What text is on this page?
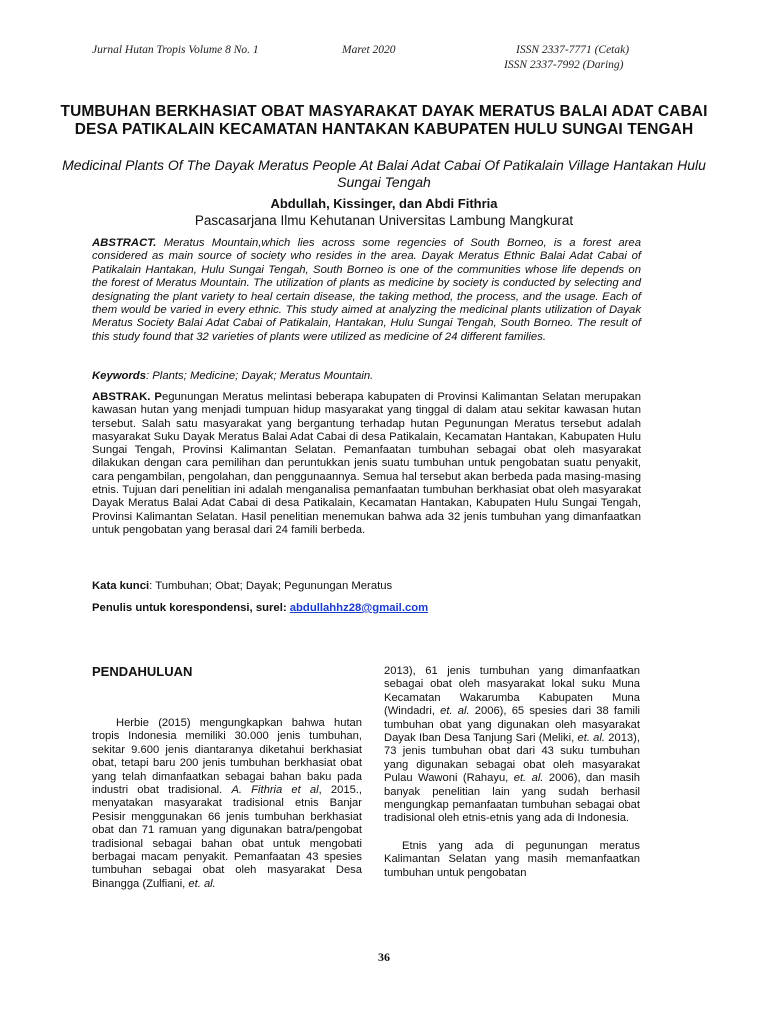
Jurnal Hutan Tropis Volume 8 No. 1	Maret 2020	ISSN 2337-7771 (Cetak)
ISSN 2337-7992 (Daring)
TUMBUHAN BERKHASIAT OBAT MASYARAKAT DAYAK MERATUS BALAI ADAT CABAI DESA PATIKALAIN KECAMATAN HANTAKAN KABUPATEN HULU SUNGAI TENGAH
Medicinal Plants Of The Dayak Meratus People At Balai Adat Cabai Of Patikalain Village Hantakan Hulu Sungai Tengah
Abdullah, Kissinger, dan Abdi Fithria
Pascasarjana Ilmu Kehutanan Universitas Lambung Mangkurat
ABSTRACT. Meratus Mountain,which lies across some regencies of South Borneo, is a forest area considered as main source of society who resides in the area. Dayak Meratus Ethnic Balai Adat Cabai of Patikalain Hantakan, Hulu Sungai Tengah, South Borneo is one of the communities whose life depends on the forest of Meratus Mountain. The utilization of plants as medicine by society is conducted by selecting and designating the plant variety to heal certain disease, the taking method, the process, and the usage. Each of them would be varied in every ethnic. This study aimed at analyzing the medicinal plants utilization of Dayak Meratus Society Balai Adat Cabai of Patikalain, Hantakan, Hulu Sungai Tengah, South Borneo. The result of this study found that 32 varieties of plants were utilized as medicine of 24 different families.
Keywords: Plants; Medicine; Dayak; Meratus Mountain.
ABSTRAK. Pegunungan Meratus melintasi beberapa kabupaten di Provinsi Kalimantan Selatan merupakan kawasan hutan yang menjadi tumpuan hidup masyarakat yang tinggal di dalam atau sekitar kawasan hutan tersebut. Salah satu masyarakat yang bergantung terhadap hutan Pegunungan Meratus tersebut adalah masyarakat Suku Dayak Meratus Balai Adat Cabai di desa Patikalain, Kecamatan Hantakan, Kabupaten Hulu Sungai Tengah, Provinsi Kalimantan Selatan. Pemanfaatan tumbuhan sebagai obat oleh masyarakat dilakukan dengan cara pemilihan dan peruntukkan jenis suatu tumbuhan untuk pengobatan suatu penyakit, cara pengambilan, pengolahan, dan penggunaannya. Semua hal tersebut akan berbeda pada masing-masing etnis. Tujuan dari penelitian ini adalah menganalisa pemanfaatan tumbuhan berkhasiat obat oleh masyarakat Dayak Meratus Balai Adat Cabai di desa Patikalain, Kecamatan Hantakan, Kabupaten Hulu Sungai Tengah, Provinsi Kalimantan Selatan. Hasil penelitian menemukan bahwa ada 32 jenis tumbuhan yang dimanfaatkan untuk pengobatan yang berasal dari 24 famili berbeda.
Kata kunci: Tumbuhan; Obat; Dayak; Pegunungan Meratus
Penulis untuk korespondensi, surel: abdullahhz28@gmail.com
PENDAHULUAN

Herbie (2015) mengungkapkan bahwa hutan tropis Indonesia memiliki 30.000 jenis tumbuhan, sekitar 9.600 jenis diantaranya diketahui berkhasiat obat, tetapi baru 200 jenis tumbuhan berkhasiat obat yang telah dimanfaatkan sebagai bahan baku pada industri obat tradisional. A. Fithria et al, 2015., menyatakan masyarakat tradisional etnis Banjar Pesisir menggunakan 66 jenis tumbuhan berkhasiat obat dan 71 ramuan yang digunakan batra/pengobat tradisional sebagai bahan obat untuk mengobati berbagai macam penyakit. Pemanfaatan 43 spesies tumbuhan sebagai obat oleh masyarakat Desa Binangga (Zulfiani, et. al.

2013), 61 jenis tumbuhan yang dimanfaatkan sebagai obat oleh masyarakat lokal suku Muna Kecamatan Wakarumba Kabupaten Muna (Windadri, et. al. 2006), 65 spesies dari 38 famili tumbuhan obat yang digunakan oleh masyarakat Dayak Iban Desa Tanjung Sari (Meliki, et. al. 2013), 73 jenis tumbuhan obat dari 43 suku tumbuhan yang digunakan sebagai obat oleh masyarakat Pulau Wawoni (Rahayu, et. al. 2006), dan masih banyak penelitian lain yang sudah berhasil mengungkap pemanfaatan tumbuhan sebagai obat tradisional oleh etnis-etnis yang ada di Indonesia.

Etnis yang ada di pegunungan meratus Kalimantan Selatan yang masih memanfaatkan tumbuhan untuk pengobatan

36
